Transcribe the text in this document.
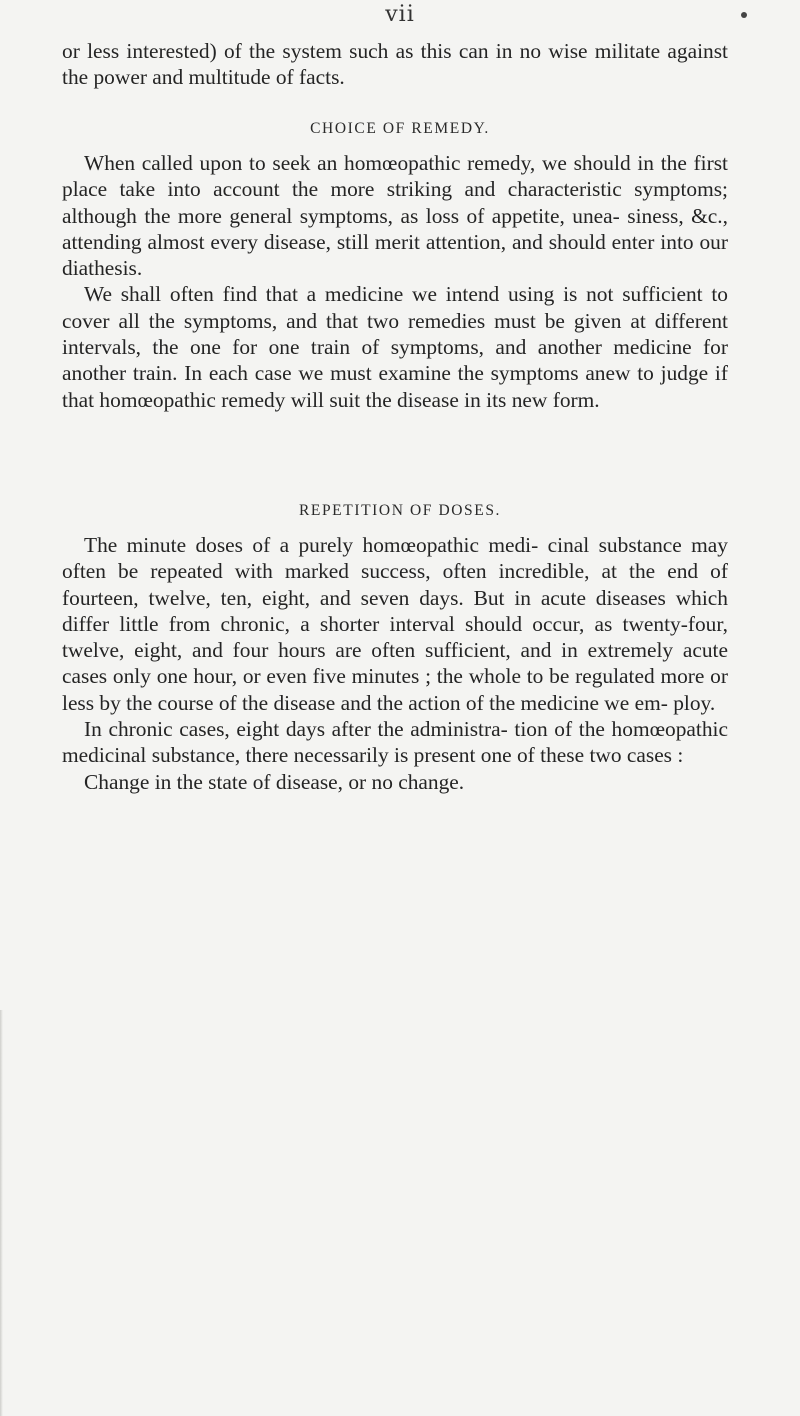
vii

or less interested) of the system such as this can in no wise militate against the power and multitude of facts.

CHOICE OF REMEDY.

When called upon to seek an homœopathic remedy, we should in the first place take into account the more striking and characteristic symptoms; although the more general symptoms, as loss of appetite, unea- siness, &c., attending almost every disease, still merit attention, and should enter into our diathesis.

We shall often find that a medicine we intend using is not sufficient to cover all the symptoms, and that two remedies must be given at different intervals, the one for one train of symptoms, and another medicine for another train. In each case we must examine the symptoms anew to judge if that homœopathic remedy will suit the disease in its new form.

REPETITION OF DOSES.

The minute doses of a purely homœopathic medi- cinal substance may often be repeated with marked success, often incredible, at the end of fourteen, twelve, ten, eight, and seven days. But in acute diseases which differ little from chronic, a shorter interval should occur, as twenty-four, twelve, eight, and four hours are often sufficient, and in extremely acute cases only one hour, or even five minutes ; the whole to be regulated more or less by the course of the disease and the action of the medicine we em- ploy.

In chronic cases, eight days after the administra- tion of the homœopathic medicinal substance, there necessarily is present one of these two cases :

Change in the state of disease, or no change.
